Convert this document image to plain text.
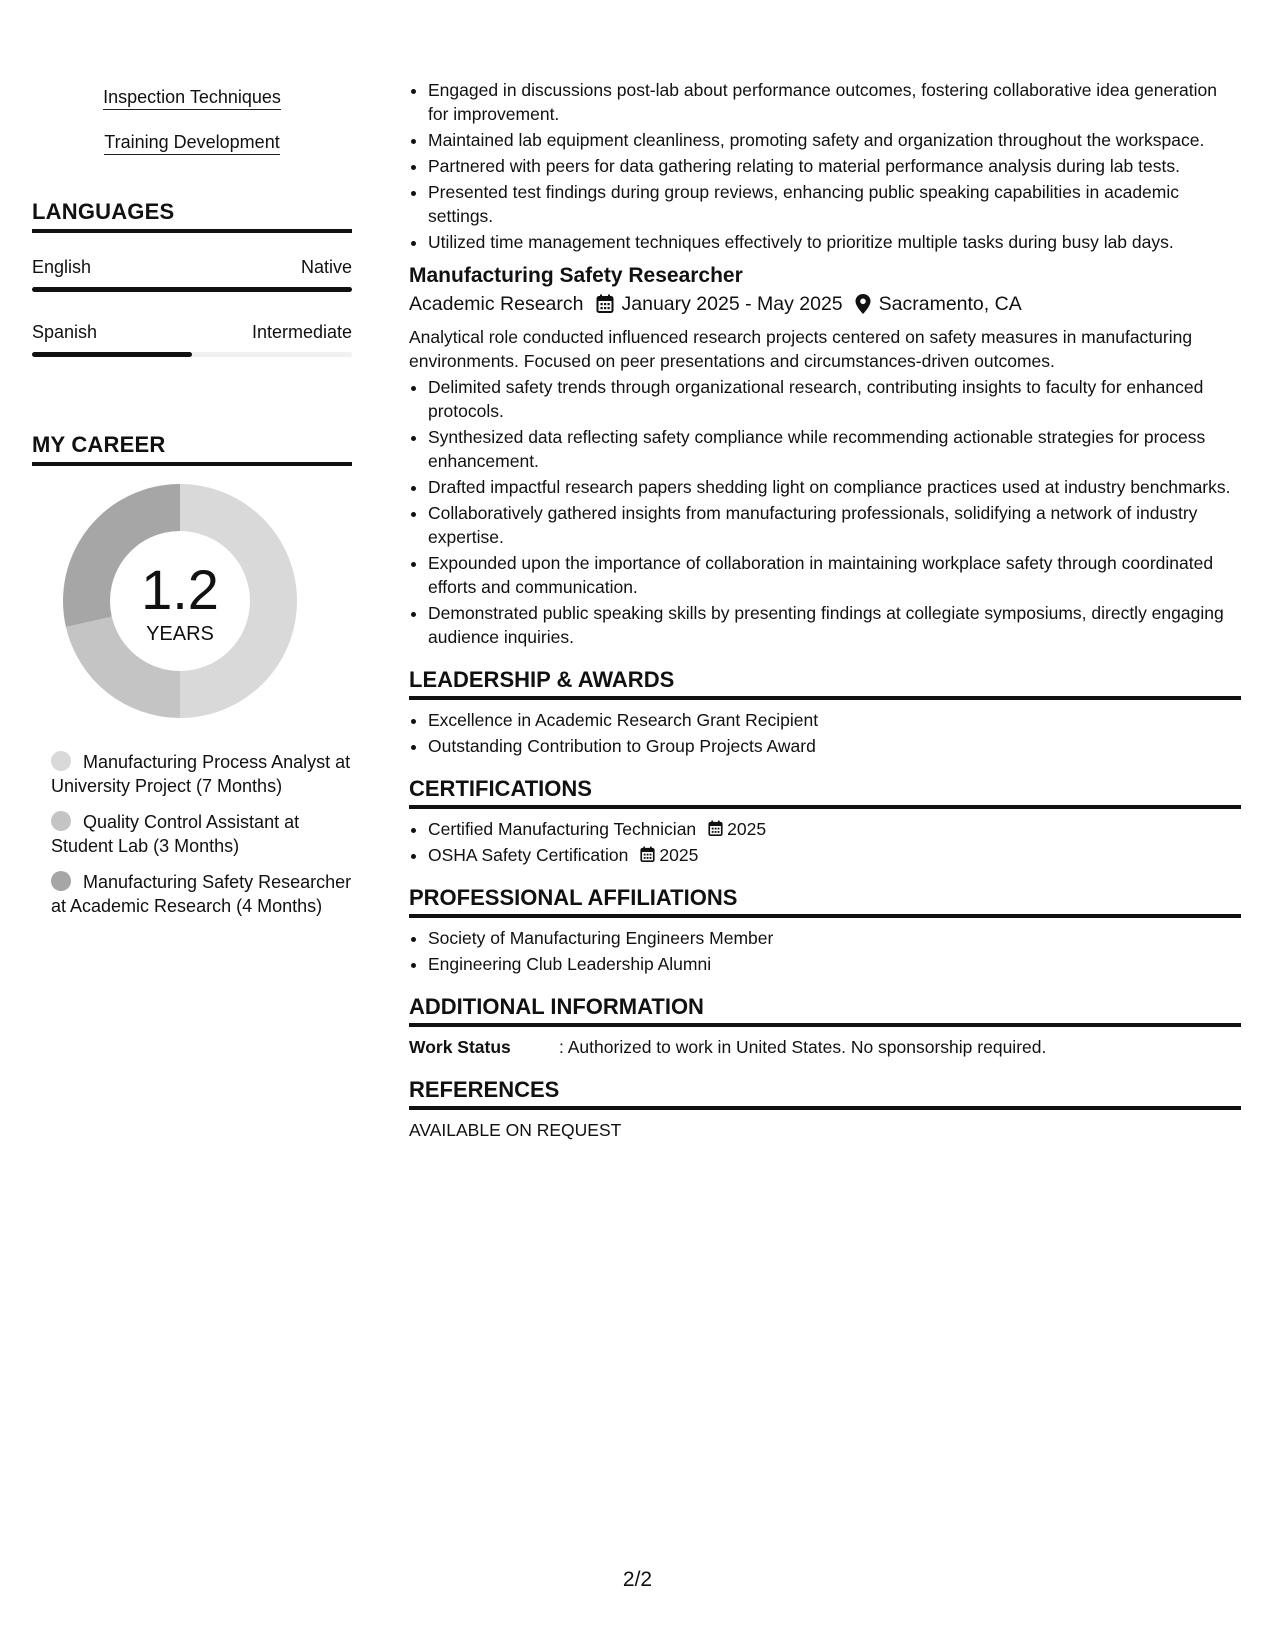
Inspection Techniques
Training Development
LANGUAGES
English	Native
Spanish	Intermediate
MY CAREER
1.2
YEARS
Manufacturing Process Analyst at University Project (7 Months)
Quality Control Assistant at Student Lab (3 Months)
Manufacturing Safety Researcher at Academic Research (4 Months)
• Engaged in discussions post-lab about performance outcomes, fostering collaborative idea generation for improvement.
• Maintained lab equipment cleanliness, promoting safety and organization throughout the workspace.
• Partnered with peers for data gathering relating to material performance analysis during lab tests.
• Presented test findings during group reviews, enhancing public speaking capabilities in academic settings.
• Utilized time management techniques effectively to prioritize multiple tasks during busy lab days.
Manufacturing Safety Researcher
Academic Research January 2025 - May 2025 Sacramento, CA
Analytical role conducted influenced research projects centered on safety measures in manufacturing environments. Focused on peer presentations and circumstances-driven outcomes.
• Delimited safety trends through organizational research, contributing insights to faculty for enhanced protocols.
• Synthesized data reflecting safety compliance while recommending actionable strategies for process enhancement.
• Drafted impactful research papers shedding light on compliance practices used at industry benchmarks.
• Collaboratively gathered insights from manufacturing professionals, solidifying a network of industry expertise.
• Expounded upon the importance of collaboration in maintaining workplace safety through coordinated efforts and communication.
• Demonstrated public speaking skills by presenting findings at collegiate symposiums, directly engaging audience inquiries.
LEADERSHIP & AWARDS
• Excellence in Academic Research Grant Recipient
• Outstanding Contribution to Group Projects Award
CERTIFICATIONS
• Certified Manufacturing Technician 2025
• OSHA Safety Certification 2025
PROFESSIONAL AFFILIATIONS
• Society of Manufacturing Engineers Member
• Engineering Club Leadership Alumni
ADDITIONAL INFORMATION
Work Status	: Authorized to work in United States. No sponsorship required.
REFERENCES
AVAILABLE ON REQUEST
2/2
